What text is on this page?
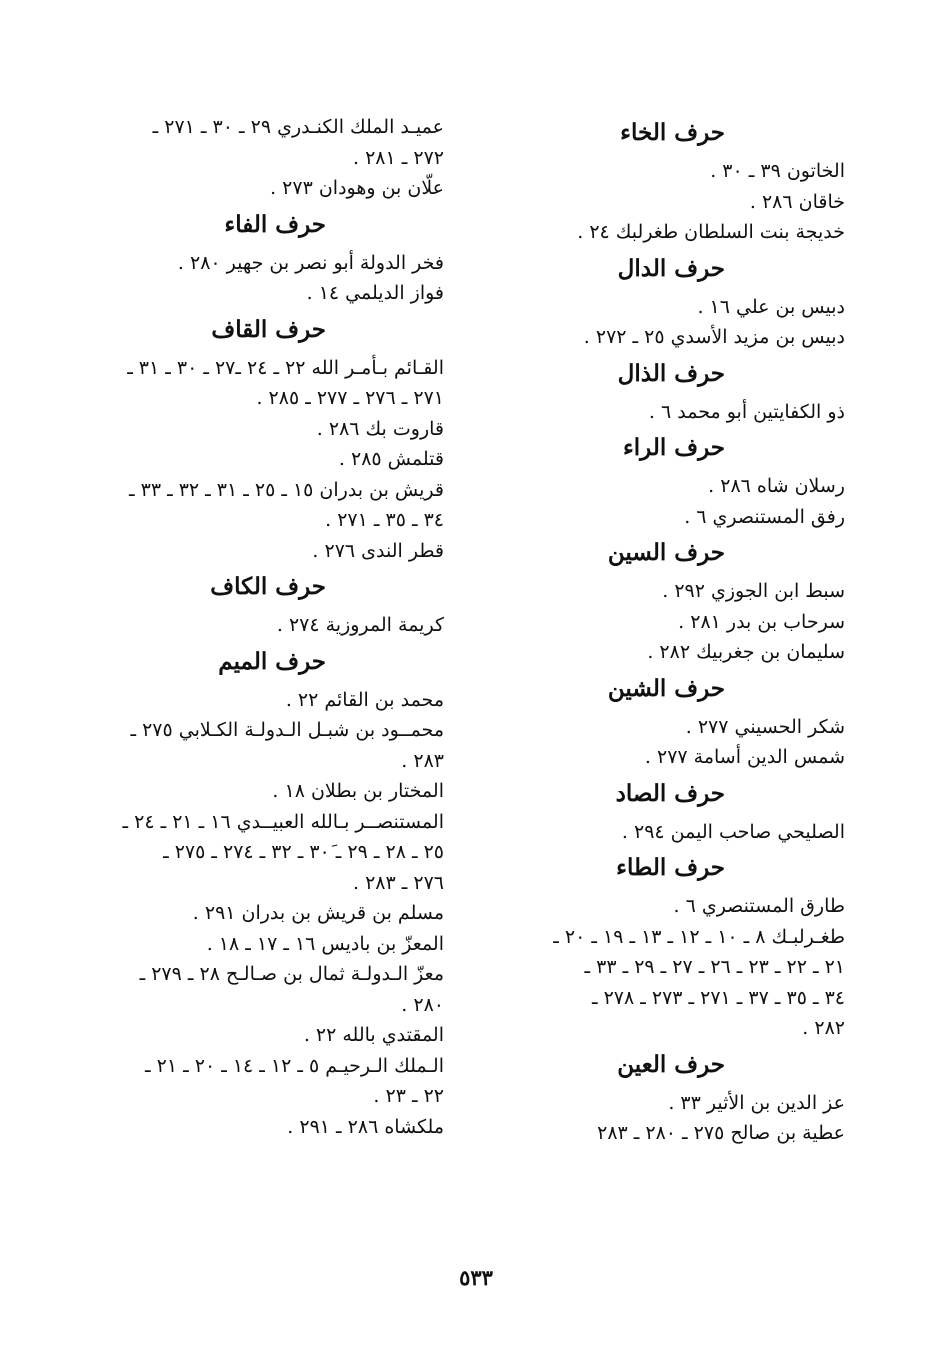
حرف الخاء
الخاتون ٣٩ ـ ٣٠ .
خاقان ٢٨٦ .
خديجة بنت السلطان طغرلبك ٢٤ .
حرف الدال
دبيس بن علي ١٦ .
دبيس بن مزيد الأسدي ٢٥ ـ ٢٧٢ .
حرف الذال
ذو الكفايتين أبو محمد ٦ .
حرف الراء
رسلان شاه ٢٨٦ .
رفق المستنصري ٦ .
حرف السين
سبط ابن الجوزي ٢٩٢ .
سرحاب بن بدر ٢٨١ .
سليمان بن جغربيك ٢٨٢ .
حرف الشين
شكر الحسيني ٢٧٧ .
شمس الدين أسامة ٢٧٧ .
حرف الصاد
الصليحي صاحب اليمن ٢٩٤ .
حرف الطاء
طارق المستنصري ٦ .
طغـرلبـك ٨ ـ ١٠ ـ ١٢ ـ ١٣ ـ ١٩ ـ ٢٠ ـ
٢١ ـ ٢٢ ـ ٢٣ ـ ٢٦ ـ ٢٧ ـ ٢٩ ـ ٣٣ ـ
٣٤ ـ ٣٥ ـ ٣٧ ـ ٢٧١ ـ ٢٧٣ ـ ٢٧٨ ـ
٢٨٢ .
حرف العين
عز الدين بن الأثير ٣٣ .
عطية بن صالح ٢٧٥ ـ ٢٨٠ ـ ٢٨٣
عميـد الملك الكنـدري ٢٩ ـ ٣٠ ـ ٢٧١ ـ
٢٧٢ ـ ٢٨١ .
علّان بن وهودان ٢٧٣ .
حرف الفاء
فخر الدولة أبو نصر بن جهير ٢٨٠ .
فواز الديلمي ١٤ .
حرف القاف
القـائم بـأمـر الله ٢٢ ـ ٢٤ ـ٢٧ ـ ٣٠ ـ ٣١ ـ
٢٧١ ـ ٢٧٦ ـ ٢٧٧ ـ ٢٨٥ .
قاروت بك ٢٨٦ .
قتلمش ٢٨٥ .
قريش بن بدران ١٥ ـ ٢٥ ـ ٣١ ـ ٣٢ ـ ٣٣ ـ
٣٤ ـ ٣٥ ـ ٢٧١ .
قطر الندى ٢٧٦ .
حرف الكاف
كريمة المروزية ٢٧٤ .
حرف الميم
محمد بن القائم ٢٢ .
محمــود بن شبـل الـدولـة الكـلابي ٢٧٥ ـ
٢٨٣ .
المختار بن بطلان ١٨ .
المستنصــر بـالله العبيــدي ١٦ ـ ٢١ ـ ٢٤ ـ
٢٥ ـ ٢٨ ـ ٢٩ ـ ٣٠َ ـ ٣٢ ـ ٢٧٤ ـ ٢٧٥ ـ
٢٧٦ ـ ٢٨٣ .
مسلم بن قريش بن بدران ٢٩١ .
المعزّ بن باديس ١٦ ـ ١٧ ـ ١٨ .
معزّ الـدولـة ثمال بن صـالـح ٢٨ ـ ٢٧٩ ـ
٢٨٠ .
المقتدي بالله ٢٢ .
الـملك الـرحيـم ٥ ـ ١٢ ـ ١٤ ـ ٢٠ ـ ٢١ ـ
٢٢ ـ ٢٣ .
ملكشاه ٢٨٦ ـ ٢٩١ .
٥٣٣
